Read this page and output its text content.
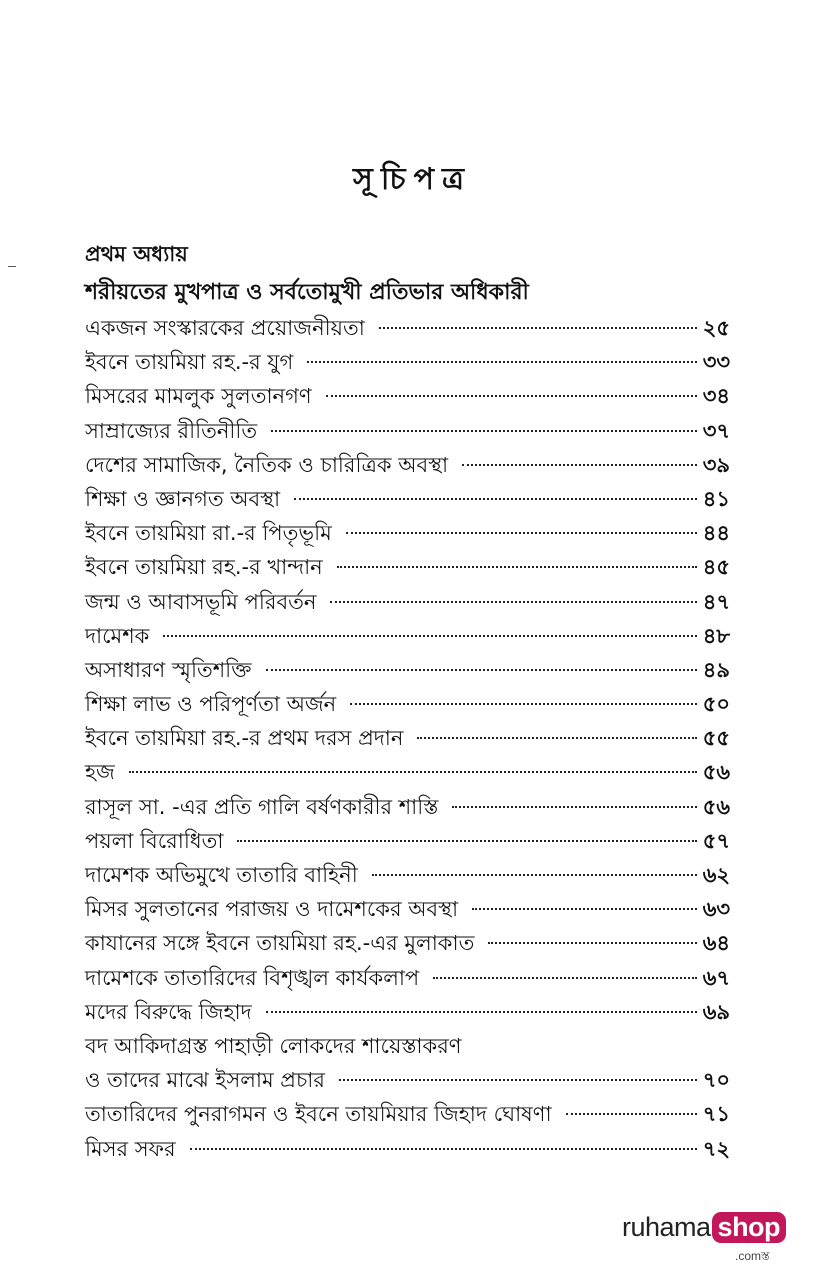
সূচিপত্র
প্রথম অধ্যায়
শরীয়তের মুখপাত্র ও সর্বতোমুখী প্রতিভার অধিকারী
একজন সংস্কারকের প্রয়োজনীয়তা	২৫
ইবনে তায়মিয়া রহ.-র যুগ	৩৩
মিসরের মামলুক সুলতানগণ	৩৪
সাম্রাজ্যের রীতিনীতি	৩৭
দেশের সামাজিক, নৈতিক ও চারিত্রিক অবস্থা	৩৯
শিক্ষা ও জ্ঞানগত অবস্থা	৪১
ইবনে তায়মিয়া রা.-র পিতৃভূমি	৪৪
ইবনে তায়মিয়া রহ.-র খান্দান	৪৫
জন্ম ও আবাসভূমি পরিবর্তন	৪৭
দামেশক	৪৮
অসাধারণ স্মৃতিশক্তি	৪৯
শিক্ষা লাভ ও পরিপূর্ণতা অর্জন	৫০
ইবনে তায়মিয়া রহ.-র প্রথম দরস প্রদান	৫৫
হজ	৫৬
রাসূল সা. -এর প্রতি গালি বর্ষণকারীর শাস্তি	৫৬
পয়লা বিরোধিতা	৫৭
দামেশক অভিমুখে তাতারি বাহিনী	৬২
মিসর সুলতানের পরাজয় ও দামেশকের অবস্থা	৬৩
কাযানের সঙ্গে ইবনে তায়মিয়া রহ.-এর মুলাকাত	৬৪
দামেশকে তাতারিদের বিশৃঙ্খল কার্যকলাপ	৬৭
মদের বিরুদ্ধে জিহাদ	৬৯
বদ আকিদাগ্রস্ত পাহাড়ী লোকদের শায়েস্তাকরণ
ও তাদের মাঝে ইসলাম প্রচার	৭০
তাতারিদের পুনরাগমন ও ইবনে তায়মিয়ার জিহাদ ঘোষণা	৭১
মিসর সফর	৭২
ruhama shop
.comস্ত
